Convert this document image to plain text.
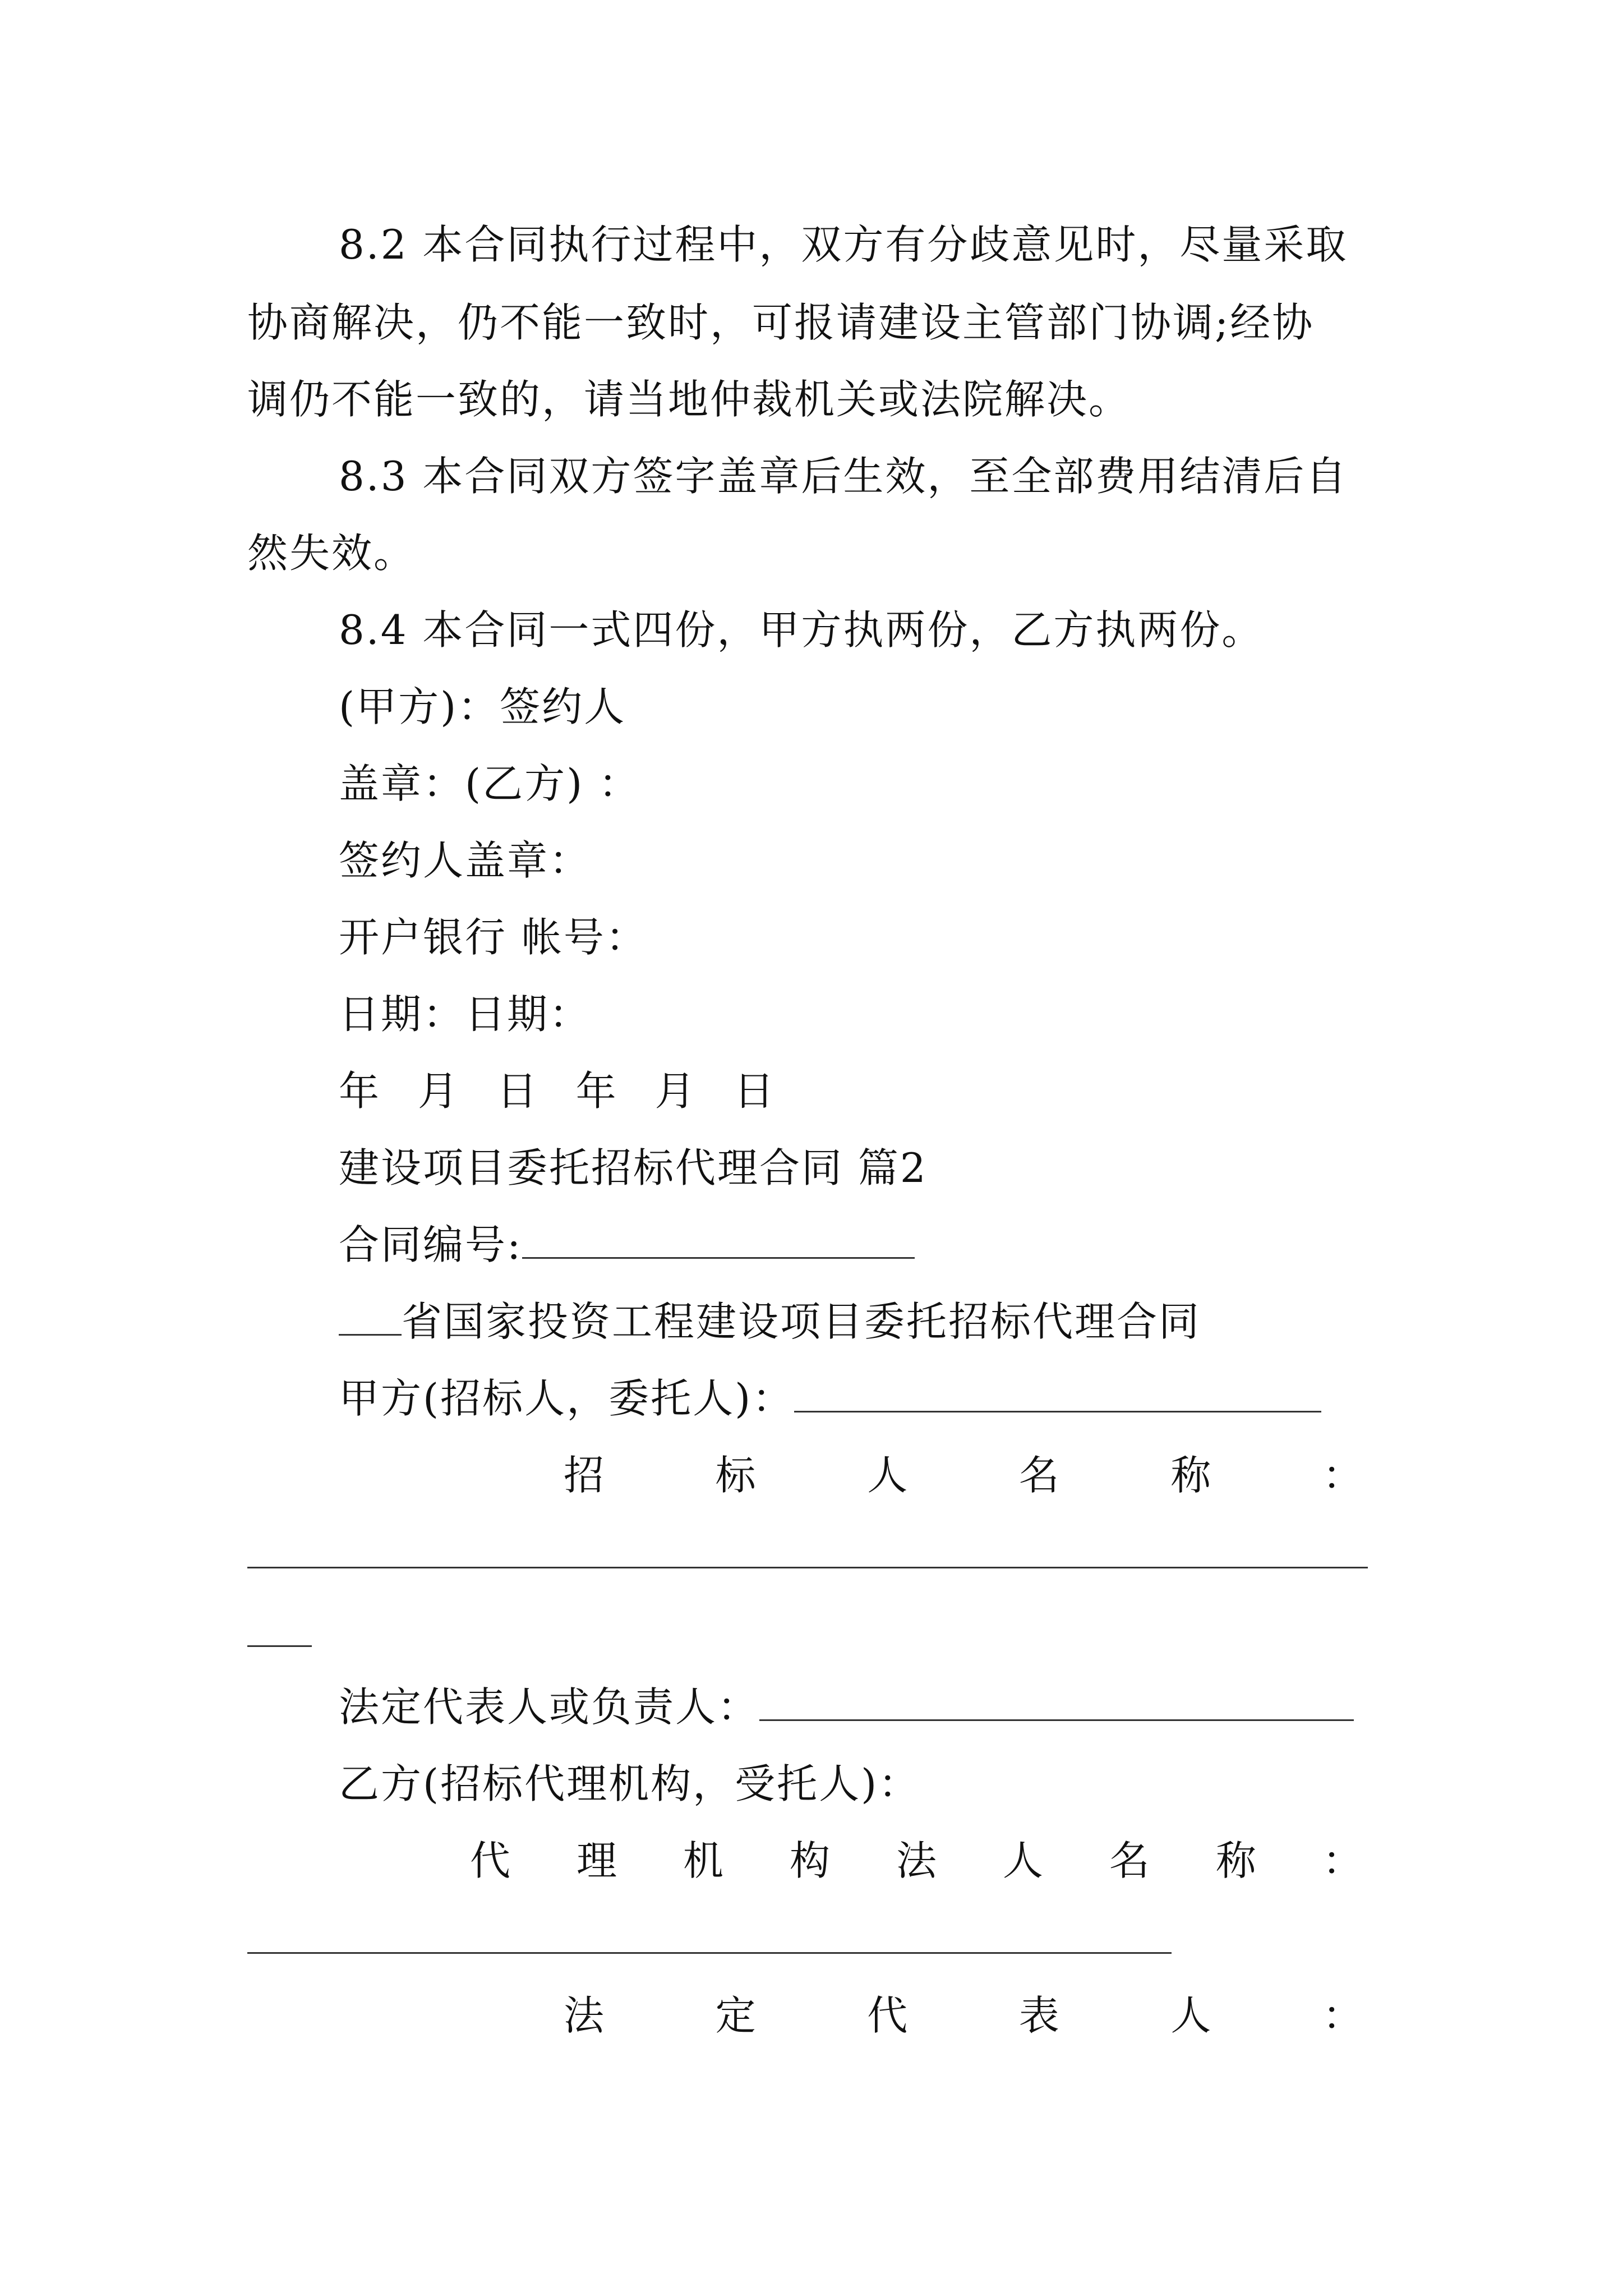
8.2 本合同执行过程中，双方有分歧意见时，尽量采取
协商解决，仍不能一致时，可报请建设主管部门协调;经协
调仍不能一致的，请当地仲裁机关或法院解决。
8.3 本合同双方签字盖章后生效，至全部费用结清后自
然失效。
8.4 本合同一式四份，甲方执两份，乙方执两份。
(甲方)：签约人
盖章：(乙方) ：
签约人盖章：
开户银行 帐号：
日期：日期：
年 月 日 年 月 日
建设项目委托招标代理合同 篇2
合同编号:
省国家投资工程建设项目委托招标代理合同
甲方(招标人，委托人)：
招	标	人	名	称	：
法定代表人或负责人：
乙方(招标代理机构，受托人)：
代 理 机 构 法 人 名 称 ：
法	定	代	表	人	：
